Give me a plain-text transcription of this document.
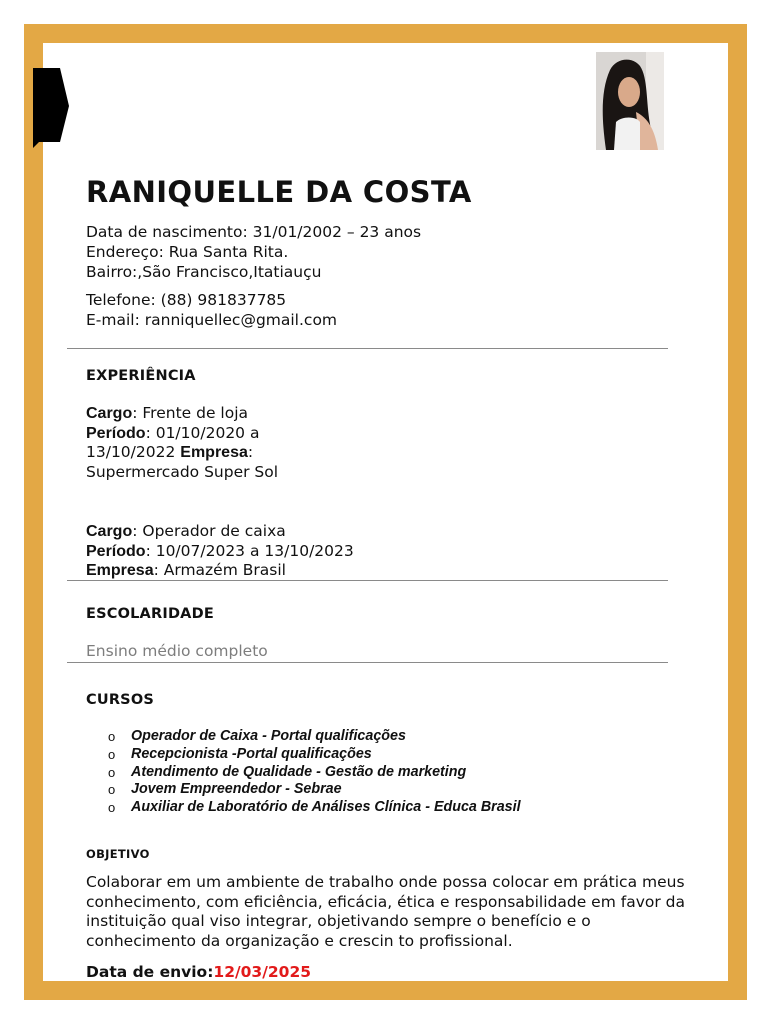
RANIQUELLE DA COSTA
Data de nascimento: 31/01/2002 – 23 anos
Endereço: Rua Santa Rita.
Bairro:,São Francisco,Itatiauçu
Telefone: (88) 981837785
E-mail: ranniquellec@gmail.com
EXPERIÊNCIA
Cargo: Frente de loja
Período: 01/10/2020 a 13/10/2022 Empresa: Supermercado Super Sol
Cargo: Operador de caixa
Período: 10/07/2023 a 13/10/2023
Empresa: Armazém Brasil
ESCOLARIDADE
Ensino médio completo
CURSOS
o Operador de Caixa - Portal qualificações
o Recepcionista -Portal qualificações
o Atendimento de Qualidade - Gestão de marketing
o Jovem Empreendedor - Sebrae
o Auxiliar de Laboratório de Análises Clínica - Educa Brasil
OBJETIVO

Colaborar em um ambiente de trabalho onde possa colocar em prática meus conhecimento, com eficiência, eficácia, ética e responsabilidade em favor da instituição qual viso integrar, objetivando sempre o benefício e o conhecimento da organização e crescin to profissional.

Data de envio:12/03/2025
